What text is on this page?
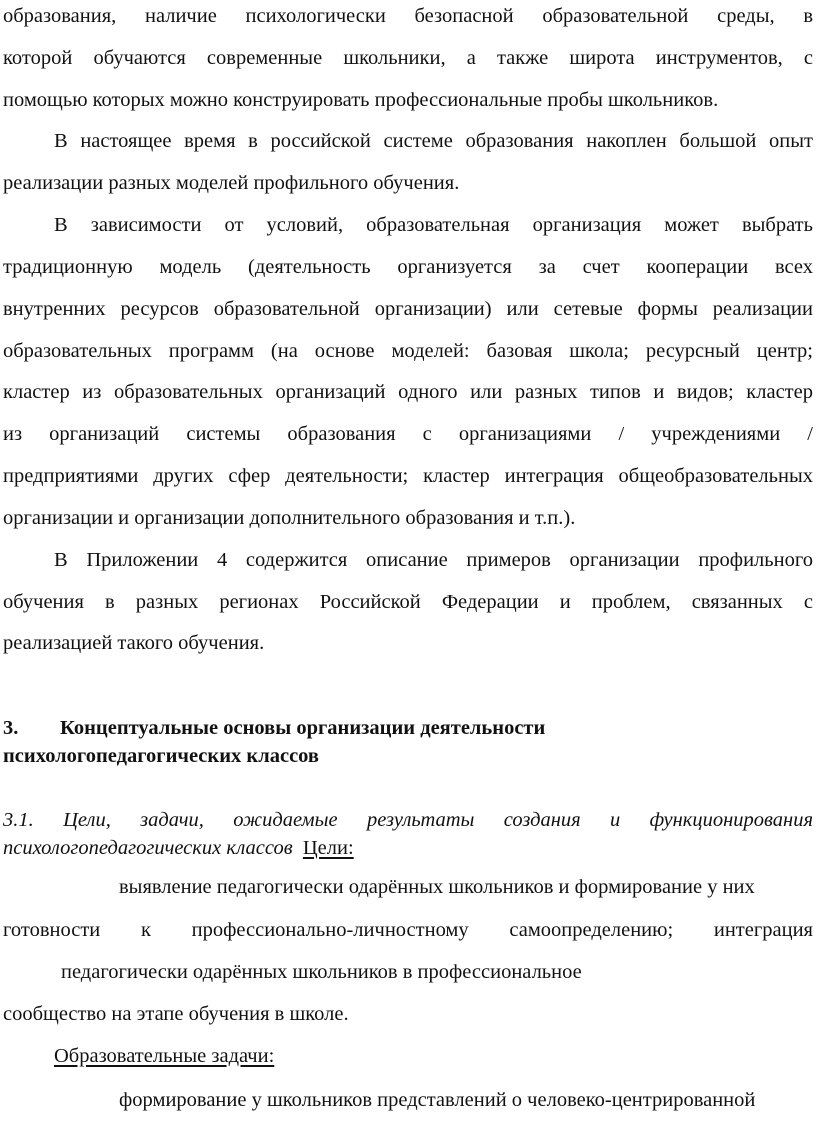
образования, наличие психологически безопасной образовательной среды, в
которой обучаются современные школьники, а также широта инструментов, с
помощью которых можно конструировать профессиональные пробы школьников.
В настоящее время в российской системе образования накоплен большой опыт
реализации разных моделей профильного обучения.
В зависимости от условий, образовательная организация может выбрать
традиционную модель (деятельность организуется за счет кооперации всех
внутренних ресурсов образовательной организации) или сетевые формы реализации
образовательных программ (на основе моделей: базовая школа; ресурсный центр;
кластер из образовательных организаций одного или разных типов и видов; кластер
из организаций системы образования с организациями / учреждениями /
предприятиями других сфер деятельности; кластер интеграция общеобразовательных
организации и организации дополнительного образования и т.п.).
В Приложении 4 содержится описание примеров организации профильного
обучения в разных регионах Российской Федерации и проблем, связанных с
реализацией такого обучения.
3. Концептуальные основы организации деятельности
психологопедагогических классов
3.1. Цели, задачи, ожидаемые результаты создания и функционирования
психологопедагогических классов Цели:
выявление педагогически одарённых школьников и формирование у них
готовности к профессионально-личностному самоопределению; интеграция
педагогически одарённых школьников в профессиональное
сообщество на этапе обучения в школе.
Образовательные задачи:
формирование у школьников представлений о человеко-центрированной
